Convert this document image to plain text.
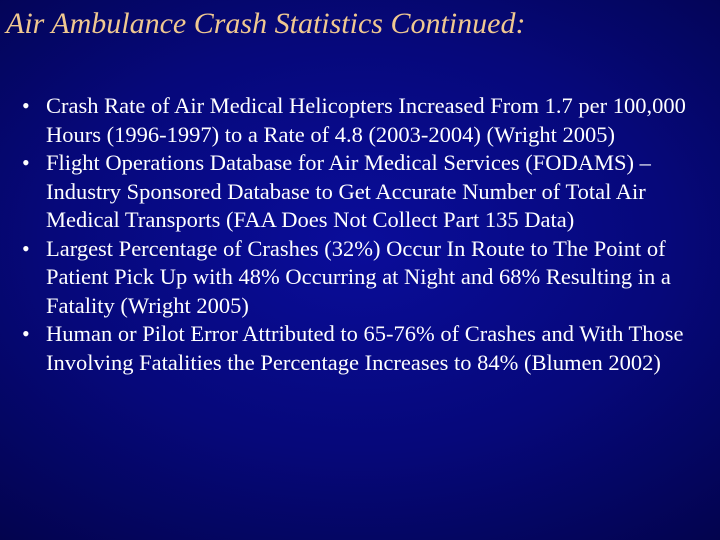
Air Ambulance Crash Statistics Continued:
• Crash Rate of Air Medical Helicopters Increased From 1.7 per 100,000 Hours (1996-1997) to a Rate of 4.8 (2003-2004) (Wright 2005)
• Flight Operations Database for Air Medical Services (FODAMS) – Industry Sponsored Database to Get Accurate Number of Total Air Medical Transports (FAA Does Not Collect Part 135 Data)
• Largest Percentage of Crashes (32%) Occur In Route to The Point of Patient Pick Up with 48% Occurring at Night and 68% Resulting in a Fatality (Wright 2005)
• Human or Pilot Error Attributed to 65-76% of Crashes and With Those Involving Fatalities the Percentage Increases to 84% (Blumen 2002)
